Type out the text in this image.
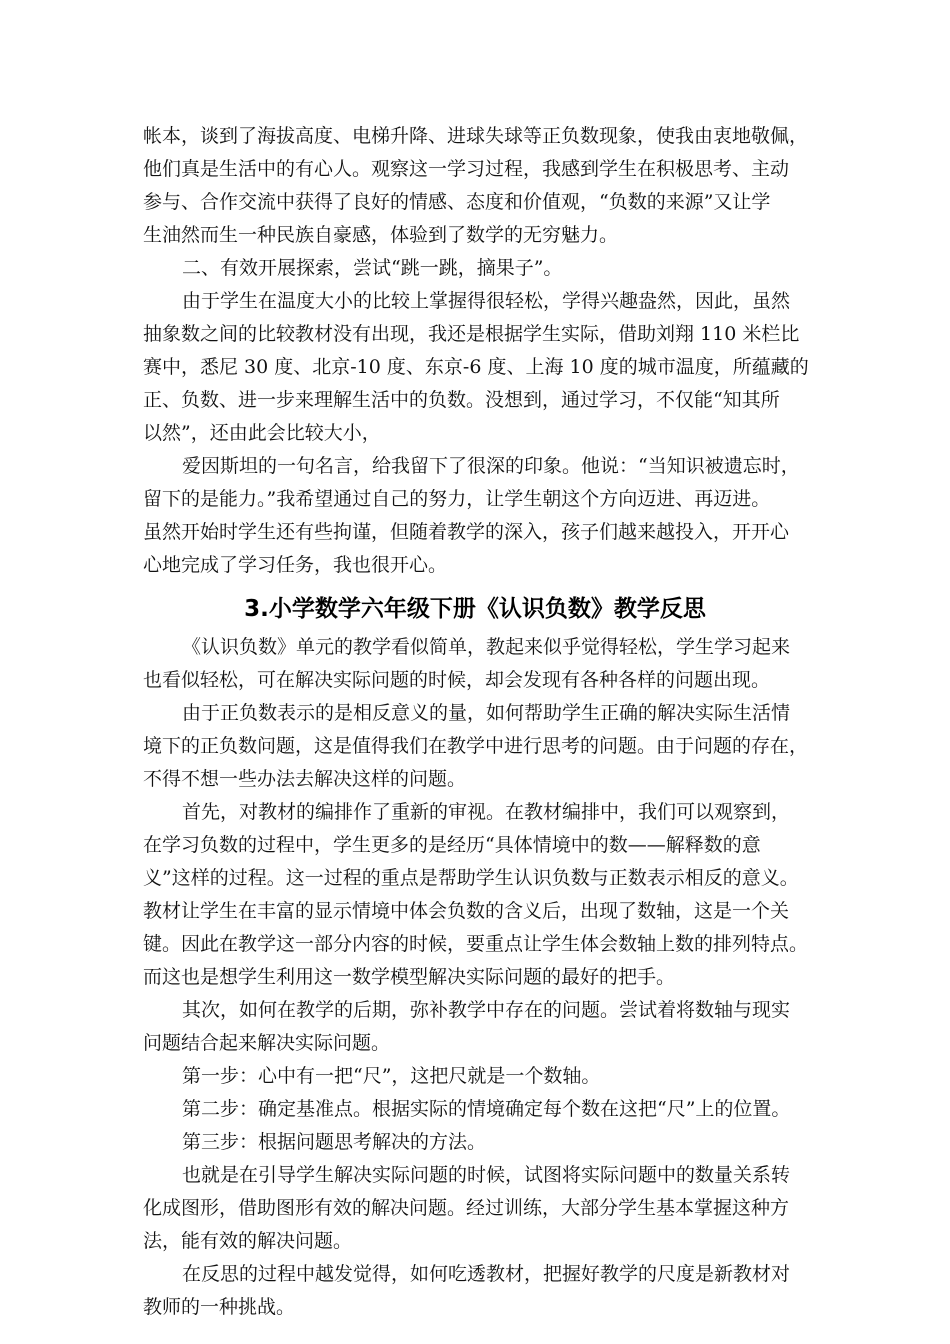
帐本，谈到了海拔高度、电梯升降、进球失球等正负数现象，使我由衷地敬佩，
他们真是生活中的有心人。观察这一学习过程，我感到学生在积极思考、主动
参与、合作交流中获得了良好的情感、态度和价值观，“负数的来源”又让学
生油然而生一种民族自豪感，体验到了数学的无穷魅力。
二、有效开展探索，尝试“跳一跳，摘果子”。
由于学生在温度大小的比较上掌握得很轻松，学得兴趣盎然，因此，虽然
抽象数之间的比较教材没有出现，我还是根据学生实际，借助刘翔 110 米栏比
赛中，悉尼 30 度、北京-10 度、东京-6 度、上海 10 度的城市温度，所蕴藏的
正、负数、进一步来理解生活中的负数。没想到，通过学习，不仅能“知其所
以然”，还由此会比较大小，
爱因斯坦的一句名言，给我留下了很深的印象。他说：“当知识被遗忘时，
留下的是能力。”我希望通过自己的努力，让学生朝这个方向迈进、再迈进。
虽然开始时学生还有些拘谨，但随着教学的深入，孩子们越来越投入，开开心
心地完成了学习任务，我也很开心。
3.小学数学六年级下册《认识负数》教学反思
《认识负数》单元的教学看似简单，教起来似乎觉得轻松，学生学习起来
也看似轻松，可在解决实际问题的时候，却会发现有各种各样的问题出现。
由于正负数表示的是相反意义的量，如何帮助学生正确的解决实际生活情
境下的正负数问题，这是值得我们在教学中进行思考的问题。由于问题的存在，
不得不想一些办法去解决这样的问题。
首先，对教材的编排作了重新的审视。在教材编排中，我们可以观察到，
在学习负数的过程中，学生更多的是经历“具体情境中的数——解释数的意
义”这样的过程。这一过程的重点是帮助学生认识负数与正数表示相反的意义。
教材让学生在丰富的显示情境中体会负数的含义后，出现了数轴，这是一个关
键。因此在教学这一部分内容的时候，要重点让学生体会数轴上数的排列特点。
而这也是想学生利用这一数学模型解决实际问题的最好的把手。
其次，如何在教学的后期，弥补教学中存在的问题。尝试着将数轴与现实
问题结合起来解决实际问题。
第一步：心中有一把“尺”，这把尺就是一个数轴。
第二步：确定基准点。根据实际的情境确定每个数在这把“尺”上的位置。
第三步：根据问题思考解决的方法。
也就是在引导学生解决实际问题的时候，试图将实际问题中的数量关系转
化成图形，借助图形有效的解决问题。经过训练，大部分学生基本掌握这种方
法，能有效的解决问题。
在反思的过程中越发觉得，如何吃透教材，把握好教学的尺度是新教材对
教师的一种挑战。
